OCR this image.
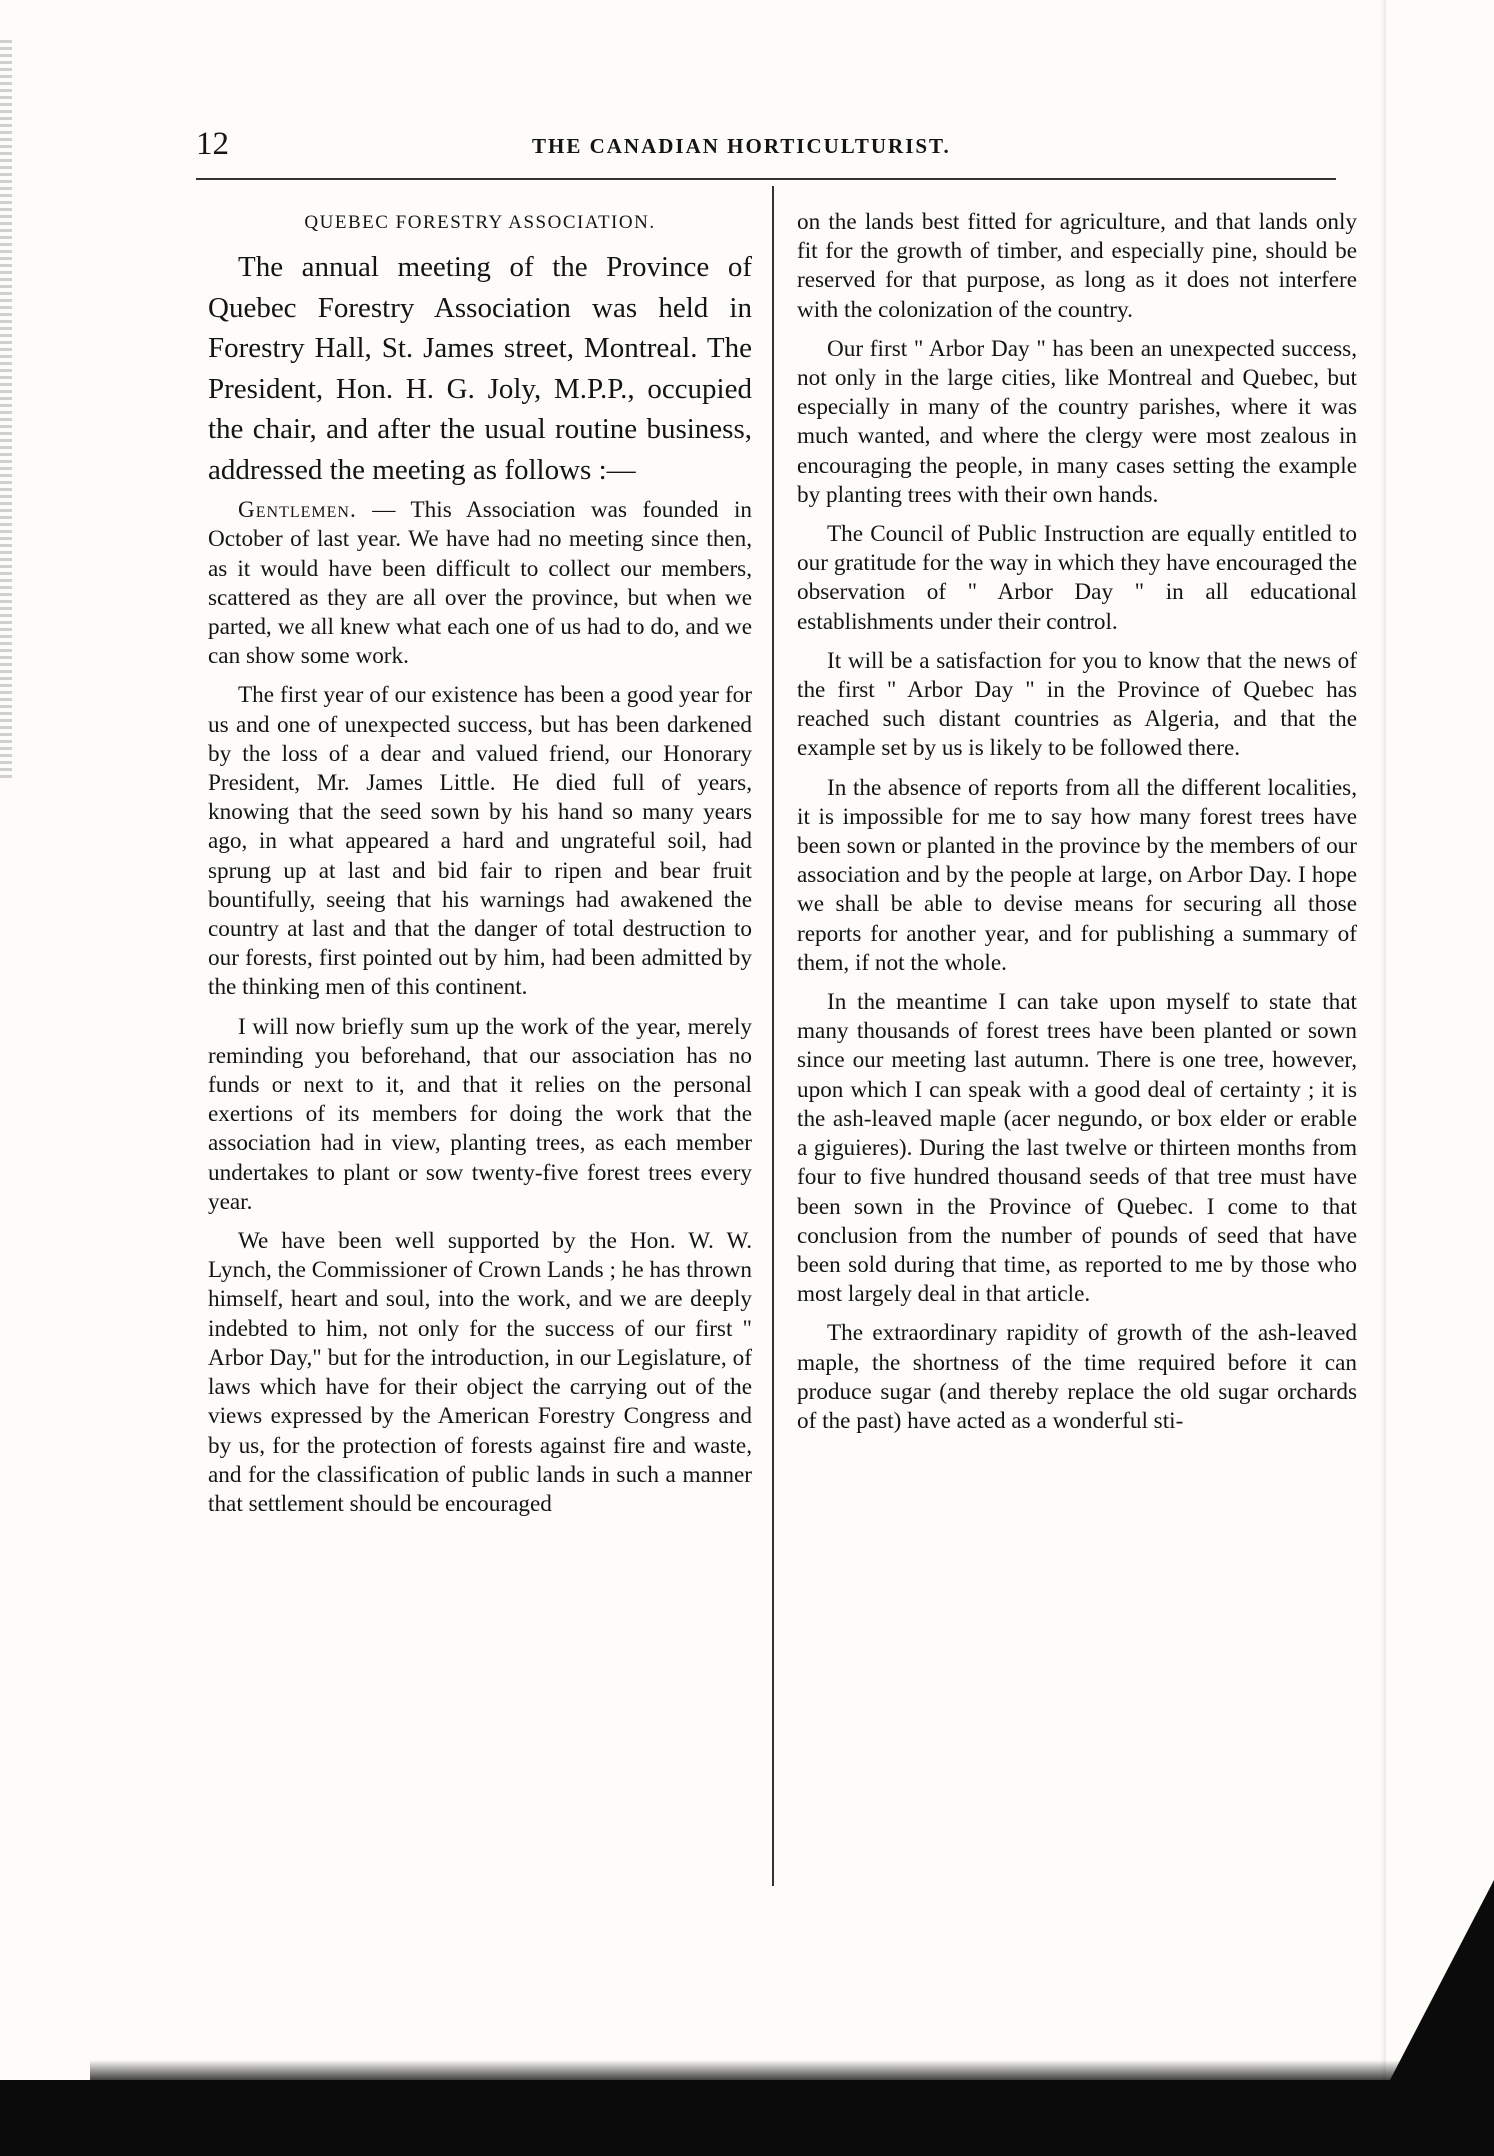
12	THE CANADIAN HORTICULTURIST.

QUEBEC FORESTRY ASSOCIATION.

The annual meeting of the Province of Quebec Forestry Association was held in Forestry Hall, St. James street, Montreal. The President, Hon. H. G. Joly, M.P.P., occupied the chair, and after the usual routine business, addressed the meeting as follows :—

Gentlemen. — This Association was founded in October of last year. We have had no meeting since then, as it would have been difficult to collect our members, scattered as they are all over the province, but when we parted, we all knew what each one of us had to do, and we can show some work.

The first year of our existence has been a good year for us and one of unexpected success, but has been darkened by the loss of a dear and valued friend, our Honorary President, Mr. James Little. He died full of years, knowing that the seed sown by his hand so many years ago, in what appeared a hard and ungrateful soil, had sprung up at last and bid fair to ripen and bear fruit bountifully, seeing that his warnings had awakened the country at last and that the danger of total destruction to our forests, first pointed out by him, had been admitted by the thinking men of this continent.

I will now briefly sum up the work of the year, merely reminding you beforehand, that our association has no funds or next to it, and that it relies on the personal exertions of its members for doing the work that the association had in view, planting trees, as each member undertakes to plant or sow twenty-five forest trees every year.

We have been well supported by the Hon. W. W. Lynch, the Commissioner of Crown Lands ; he has thrown himself, heart and soul, into the work, and we are deeply indebted to him, not only for the success of our first " Arbor Day," but for the introduction, in our Legislature, of laws which have for their object the carrying out of the views expressed by the American Forestry Congress and by us, for the protection of forests against fire and waste, and for the classification of public lands in such a manner that settlement should be encouraged

on the lands best fitted for agriculture, and that lands only fit for the growth of timber, and especially pine, should be reserved for that purpose, as long as it does not interfere with the colonization of the country.

Our first " Arbor Day " has been an unexpected success, not only in the large cities, like Montreal and Quebec, but especially in many of the country parishes, where it was much wanted, and where the clergy were most zealous in encouraging the people, in many cases setting the example by planting trees with their own hands.

The Council of Public Instruction are equally entitled to our gratitude for the way in which they have encouraged the observation of " Arbor Day " in all educational establishments under their control.

It will be a satisfaction for you to know that the news of the first " Arbor Day " in the Province of Quebec has reached such distant countries as Algeria, and that the example set by us is likely to be followed there.

In the absence of reports from all the different localities, it is impossible for me to say how many forest trees have been sown or planted in the province by the members of our association and by the people at large, on Arbor Day. I hope we shall be able to devise means for securing all those reports for another year, and for publishing a summary of them, if not the whole.

In the meantime I can take upon myself to state that many thousands of forest trees have been planted or sown since our meeting last autumn. There is one tree, however, upon which I can speak with a good deal of certainty ; it is the ash-leaved maple (acer negundo, or box elder or erable a giguieres). During the last twelve or thirteen months from four to five hundred thousand seeds of that tree must have been sown in the Province of Quebec. I come to that conclusion from the number of pounds of seed that have been sold during that time, as reported to me by those who most largely deal in that article.

The extraordinary rapidity of growth of the ash-leaved maple, the shortness of the time required before it can produce sugar (and thereby replace the old sugar orchards of the past) have acted as a wonderful sti-
